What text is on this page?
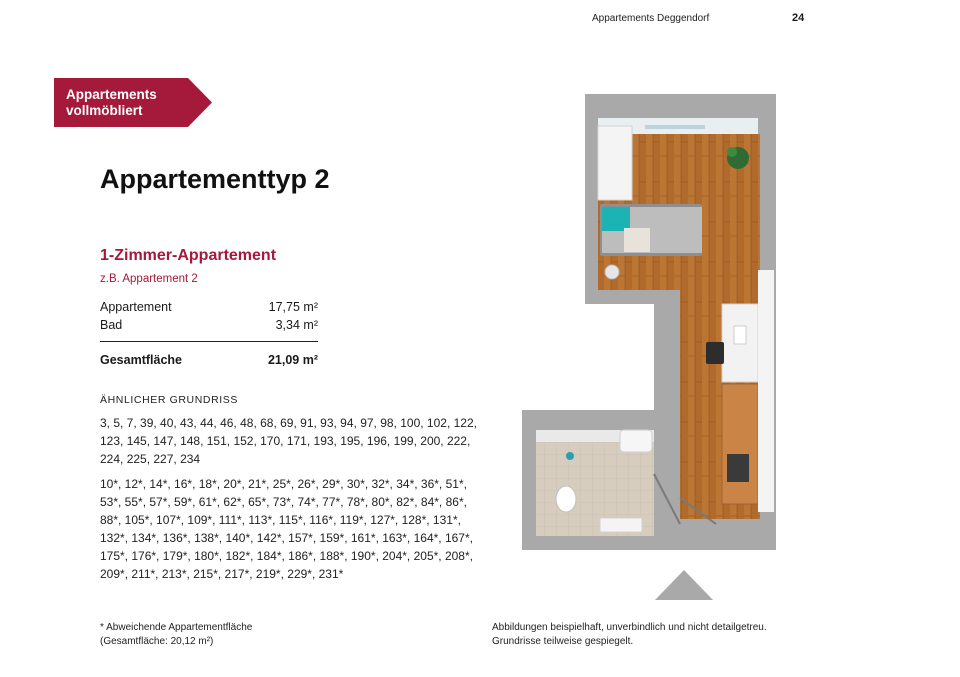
Appartements Deggendorf	24
Appartements
vollmöbliert
Appartementtyp 2
1-Zimmer-Appartement
z.B. Appartement 2
Appartement	17,75 m²
Bad	3,34 m²
Gesamtfläche	21,09 m²
ÄHNLICHER GRUNDRISS
3, 5, 7, 39, 40, 43, 44, 46, 48, 68, 69, 91, 93, 94, 97, 98, 100, 102, 122, 123, 145, 147, 148, 151, 152, 170, 171, 193, 195, 196, 199, 200, 222, 224, 225, 227, 234
10*, 12*, 14*, 16*, 18*, 20*, 21*, 25*, 26*, 29*, 30*, 32*, 34*, 36*, 51*, 53*, 55*, 57*, 59*, 61*, 62*, 65*, 73*, 74*, 77*, 78*, 80*, 82*, 84*, 86*, 88*, 105*, 107*, 109*, 111*, 113*, 115*, 116*, 119*, 127*, 128*, 131*, 132*, 134*, 136*, 138*, 140*, 142*, 157*, 159*, 161*, 163*, 164*, 167*, 175*, 176*, 179*, 180*, 182*, 184*, 186*, 188*, 190*, 204*, 205*, 208*, 209*, 211*, 213*, 215*, 217*, 219*, 229*, 231*
* Abweichende Appartementfläche
(Gesamtfläche: 20,12 m²)
Abbildungen beispielhaft, unverbindlich und nicht detailgetreu.
Grundrisse teilweise gespiegelt.
